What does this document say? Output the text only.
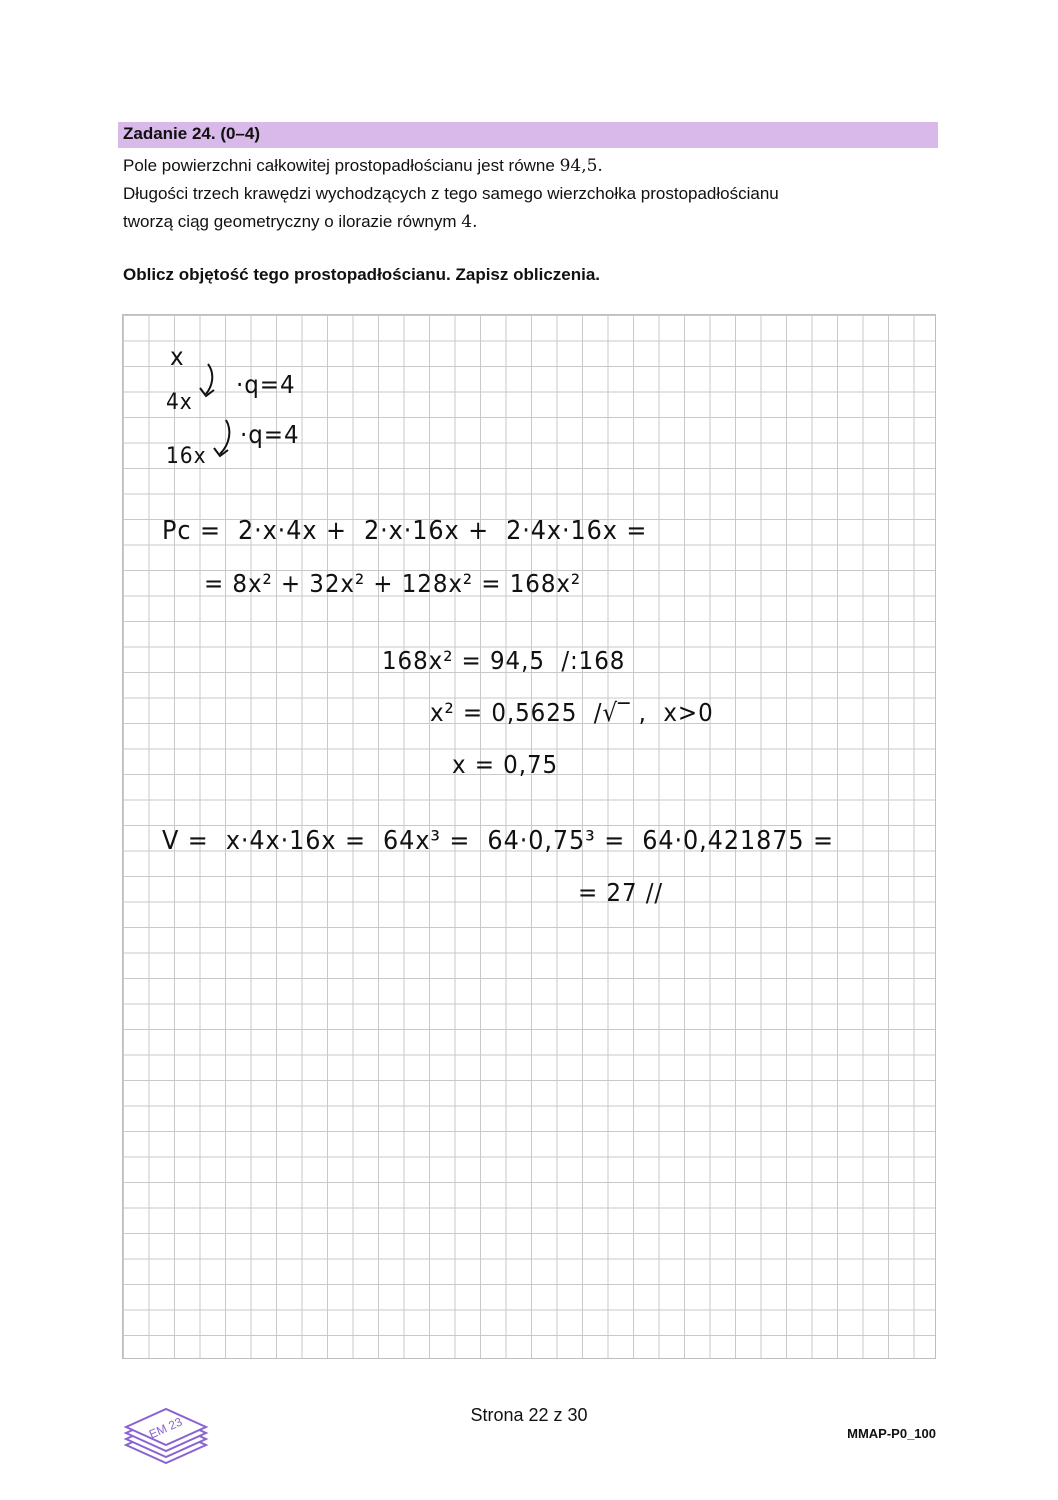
Zadanie 24. (0–4)
Pole powierzchni całkowitej prostopadłościanu jest równe 94,5.
Długości trzech krawędzi wychodzących z tego samego wierzchołka prostopadłościanu
tworzą ciąg geometryczny o ilorazie równym 4.
Oblicz objętość tego prostopadłościanu. Zapisz obliczenia.
x
4x
16x
·q=4
·q=4
Pc =  2·x·4x +  2·x·16x +  2·4x·16x =
= 8x² + 32x² + 128x² = 168x²
168x² = 94,5  /:168
x² = 0,5625  /√‾ ,  x>0
x = 0,75
V =  x·4x·16x =  64x³ =  64·0,75³ =  64·0,421875 =
= 27 //
EM 23	Strona 22 z 30
MMAP-P0_100
